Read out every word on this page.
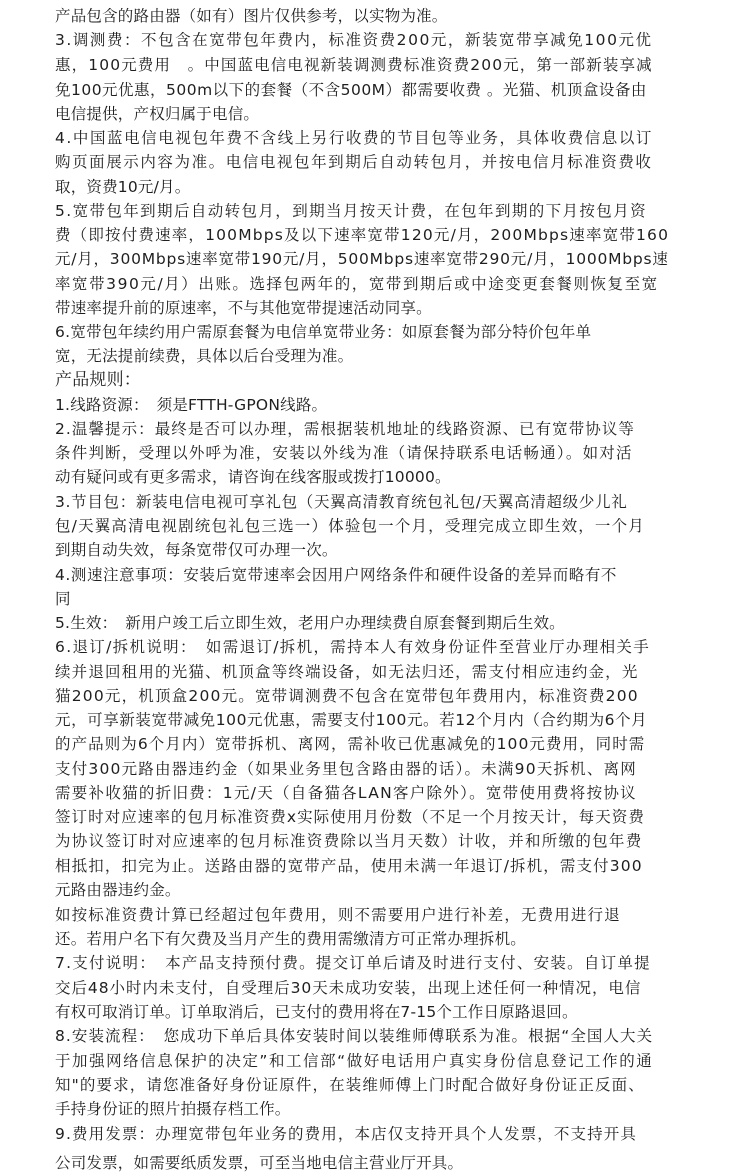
产品包含的路由器（如有）图片仅供参考，以实物为准。
3.调测费：不包含在宽带包年费内，标准资费200元，新装宽带享减免100元优
惠，100元费用　。中国蓝电信电视新装调测费标准资费200元，第一部新装享减
免100元优惠，500m以下的套餐（不含500M）都需要收费 。光猫、机顶盒设备由
电信提供，产权归属于电信。
4.中国蓝电信电视包年费不含线上另行收费的节目包等业务，具体收费信息以订
购页面展示内容为准。电信电视包年到期后自动转包月，并按电信月标准资费收
取，资费10元/月。
5.宽带包年到期后自动转包月，到期当月按天计费，在包年到期的下月按包月资
费（即按付费速率，100Mbps及以下速率宽带120元/月，200Mbps速率宽带160
元/月，300Mbps速率宽带190元/月，500Mbps速率宽带290元/月，1000Mbps速
率宽带390元/月）出账。选择包两年的，宽带到期后或中途变更套餐则恢复至宽
带速率提升前的原速率，不与其他宽带提速活动同享。
6.宽带包年续约用户需原套餐为电信单宽带业务：如原套餐为部分特价包年单
宽，无法提前续费，具体以后台受理为准。
产品规则：
1.线路资源：　须是FTTH-GPON线路。
2.温馨提示：最终是否可以办理，需根据装机地址的线路资源、已有宽带协议等
条件判断，受理以外呼为准，安装以外线为准（请保持联系电话畅通）。如对活
动有疑问或有更多需求，请咨询在线客服或拨打10000。
3.节目包：新装电信电视可享礼包（天翼高清教育统包礼包/天翼高清超级少儿礼
包/天翼高清电视剧统包礼包三选一）体验包一个月，受理完成立即生效，一个月
到期自动失效，每条宽带仅可办理一次。
4.测速注意事项：安装后宽带速率会因用户网络条件和硬件设备的差异而略有不
同
5.生效：　新用户竣工后立即生效，老用户办理续费自原套餐到期后生效。
6.退订/拆机说明：　如需退订/拆机，需持本人有效身份证件至营业厅办理相关手
续并退回租用的光猫、机顶盒等终端设备，如无法归还，需支付相应违约金，光
猫200元，机顶盒200元。宽带调测费不包含在宽带包年费用内，标准资费200
元，可享新装宽带减免100元优惠，需要支付100元。若12个月内（合约期为6个月
的产品则为6个月内）宽带拆机、离网，需补收已优惠减免的100元费用，同时需
支付300元路由器违约金（如果业务里包含路由器的话）。未满90天拆机、离网
需要补收猫的折旧费：1元/天（自备猫各LAN客户除外）。宽带使用费将按协议
签订时对应速率的包月标准资费x实际使用月份数（不足一个月按天计，每天资费
为协议签订时对应速率的包月标准资费除以当月天数）计收，并和所缴的包年费
相抵扣，扣完为止。送路由器的宽带产品，使用未满一年退订/拆机，需支付300
元路由器违约金。
如按标准资费计算已经超过包年费用，则不需要用户进行补差，无费用进行退
还。若用户名下有欠费及当月产生的费用需缴清方可正常办理拆机。
7.支付说明：　本产品支持预付费。提交订单后请及时进行支付、安装。自订单提
交后48小时内未支付，自受理后30天未成功安装，出现上述任何一种情况，电信
有权可取消订单。订单取消后，已支付的费用将在7-15个工作日原路退回。
8.安装流程：　您成功下单后具体安装时间以装维师傅联系为准。根据“全国人大关
于加强网络信息保护的决定”和工信部“做好电话用户真实身份信息登记工作的通
知"的要求，请您准备好身份证原件，在装维师傅上门时配合做好身份证正反面、
手持身份证的照片拍摄存档工作。
9.费用发票：办理宽带包年业务的费用，本店仅支持开具个人发票，不支持开具
公司发票，如需要纸质发票，可至当地电信主营业厅开具。
